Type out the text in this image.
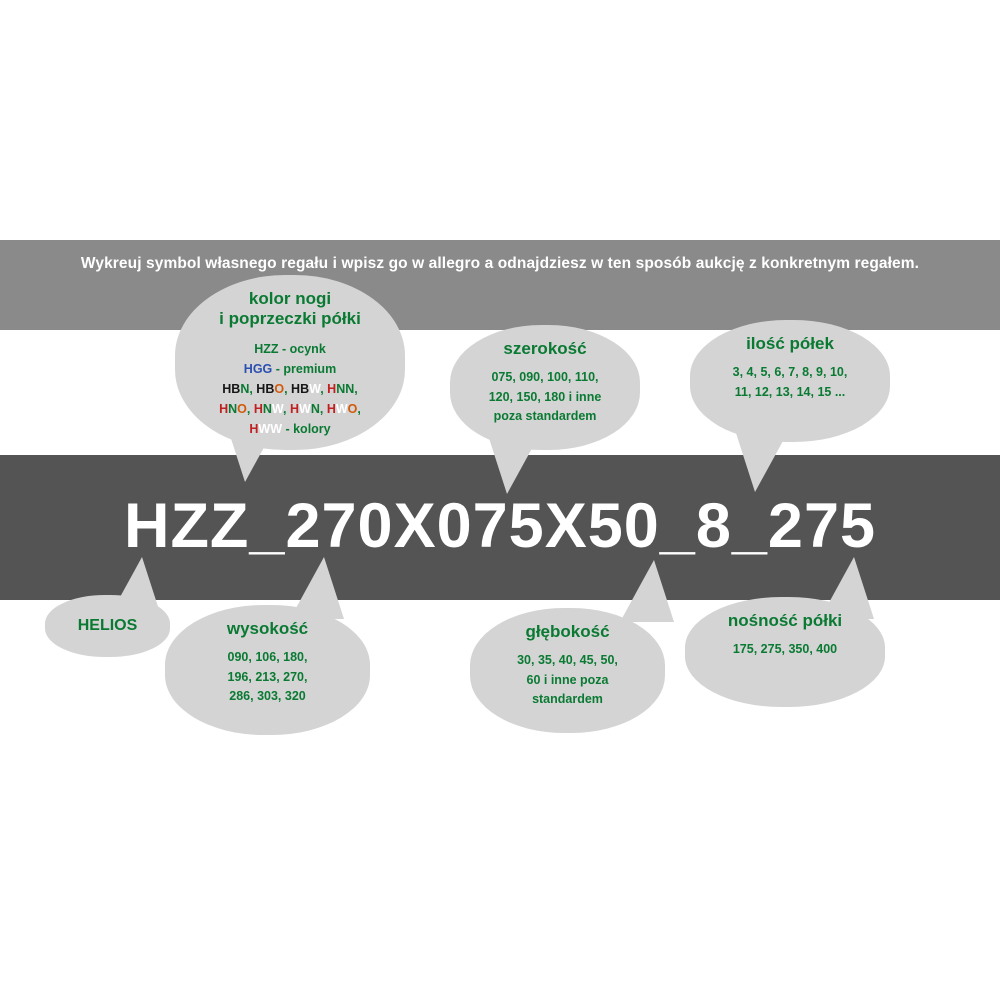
Wykreuj symbol własnego regału i wpisz go w allegro a odnajdziesz w ten sposób aukcję z konkretnym regałem.
HZZ_270X075X50_8_275
kolor nogi
i poprzeczki półki
HZZ - ocynk
HGG - premium
HBN, HBO, HBW, HNN,
HNO, HNW, HWN, HWO,
HWW - kolory
szerokość
075, 090, 100, 110,
120, 150, 180 i inne
poza standardem
ilość półek
3, 4, 5, 6, 7, 8, 9, 10,
11, 12, 13, 14, 15 ...
HELIOS	wysokość
090, 106, 180,
196, 213, 270,
286, 303, 320
głębokość
30, 35, 40, 45, 50,
60 i inne poza
standardem
nośność półki
175, 275, 350, 400
